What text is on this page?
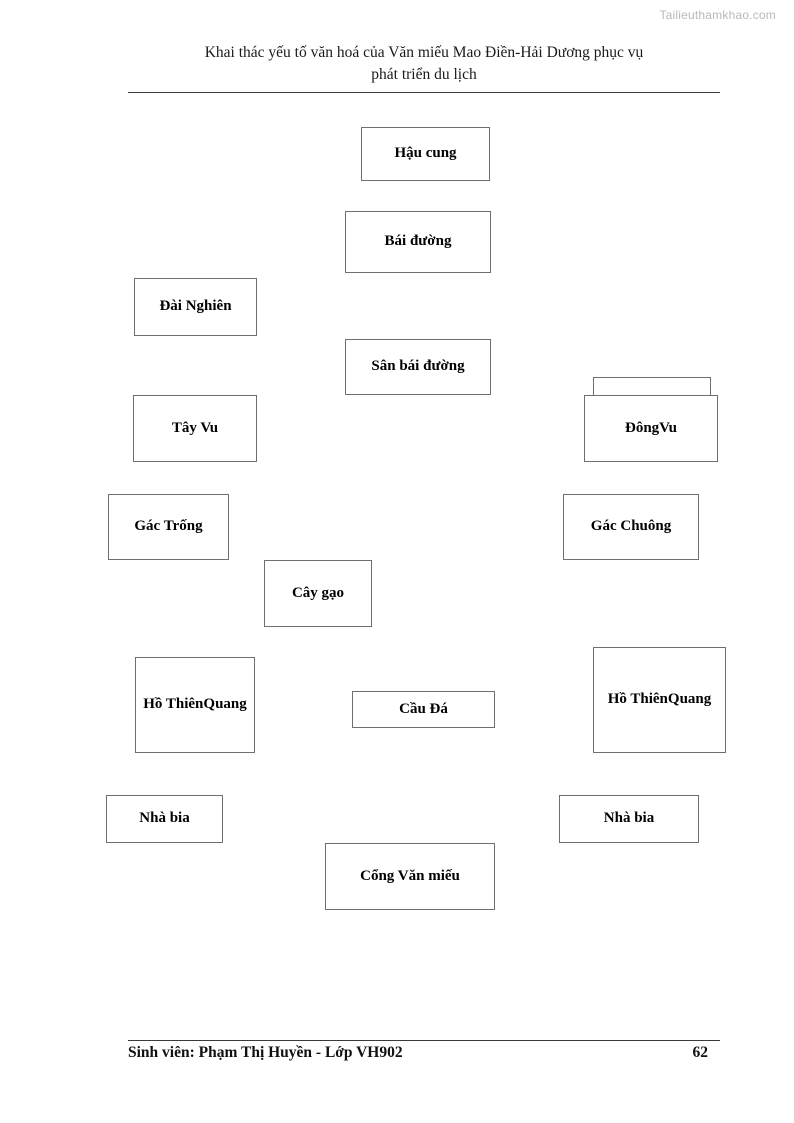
Tailieuthamkhao.com
Khai thác yếu tố văn hoá của Văn miếu Mao Điền-Hải Dương phục vụ
phát triển du lịch
Hậu cung
Bái đường
Đài Nghiên
Sân bái đường
Tây Vu	ĐôngVu
Gác Trống	Gác Chuông
Cây gạo
Hồ Thiên Quang	Hồ Thiên Quang
Cầu Đá
Nhà bia	Nhà bia
Cổng Văn miếu
Sinh viên: Phạm Thị Huyền - Lớp VH902	62
